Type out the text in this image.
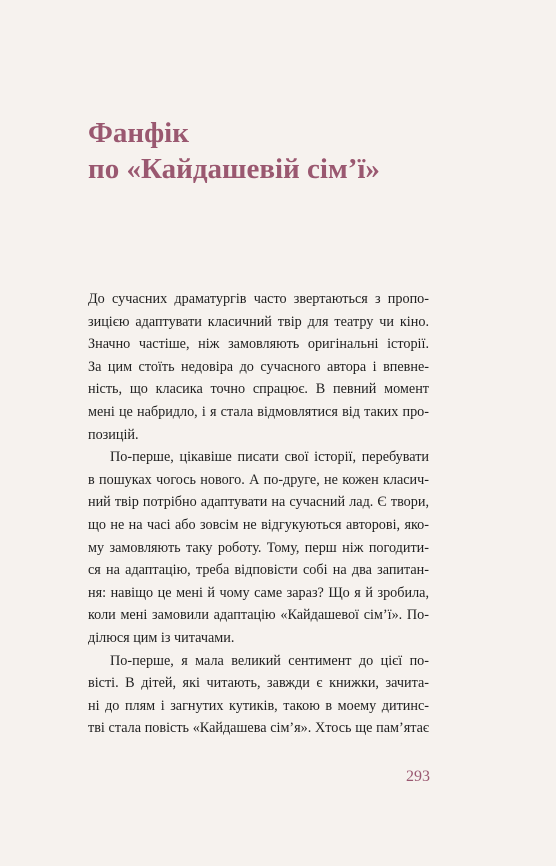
Фанфік
по «Кайдашевій сім’ї»
До сучасних драматургів часто звертаються з пропо-
зицією адаптувати класичний твір для театру чи кіно.
Значно частіше, ніж замовляють оригінальні історії.
За цим стоїть недовіра до сучасного автора і впевне-
ність, що класика точно спрацює. В певний момент
мені це набридло, і я стала відмовлятися від таких про-
позицій.
По-перше, цікавіше писати свої історії, перебувати
в пошуках чогось нового. А по-друге, не кожен класич-
ний твір потрібно адаптувати на сучасний лад. Є твори,
що не на часі або зовсім не відгукуються авторові, яко-
му замовляють таку роботу. Тому, перш ніж погодити-
ся на адаптацію, треба відповісти собі на два запитан-
ня: навіщо це мені й чому саме зараз? Що я й зробила,
коли мені замовили адаптацію «Кайдашевої сім’ї». По-
ділюся цим із читачами.
По-перше, я мала великий сентимент до цієї по-
вісті. В дітей, які читають, завжди є книжки, зачита-
ні до плям і загнутих кутиків, такою в моему дитинс-
тві стала повість «Кайдашева сім’я». Хтось ще пам’ятає
293
